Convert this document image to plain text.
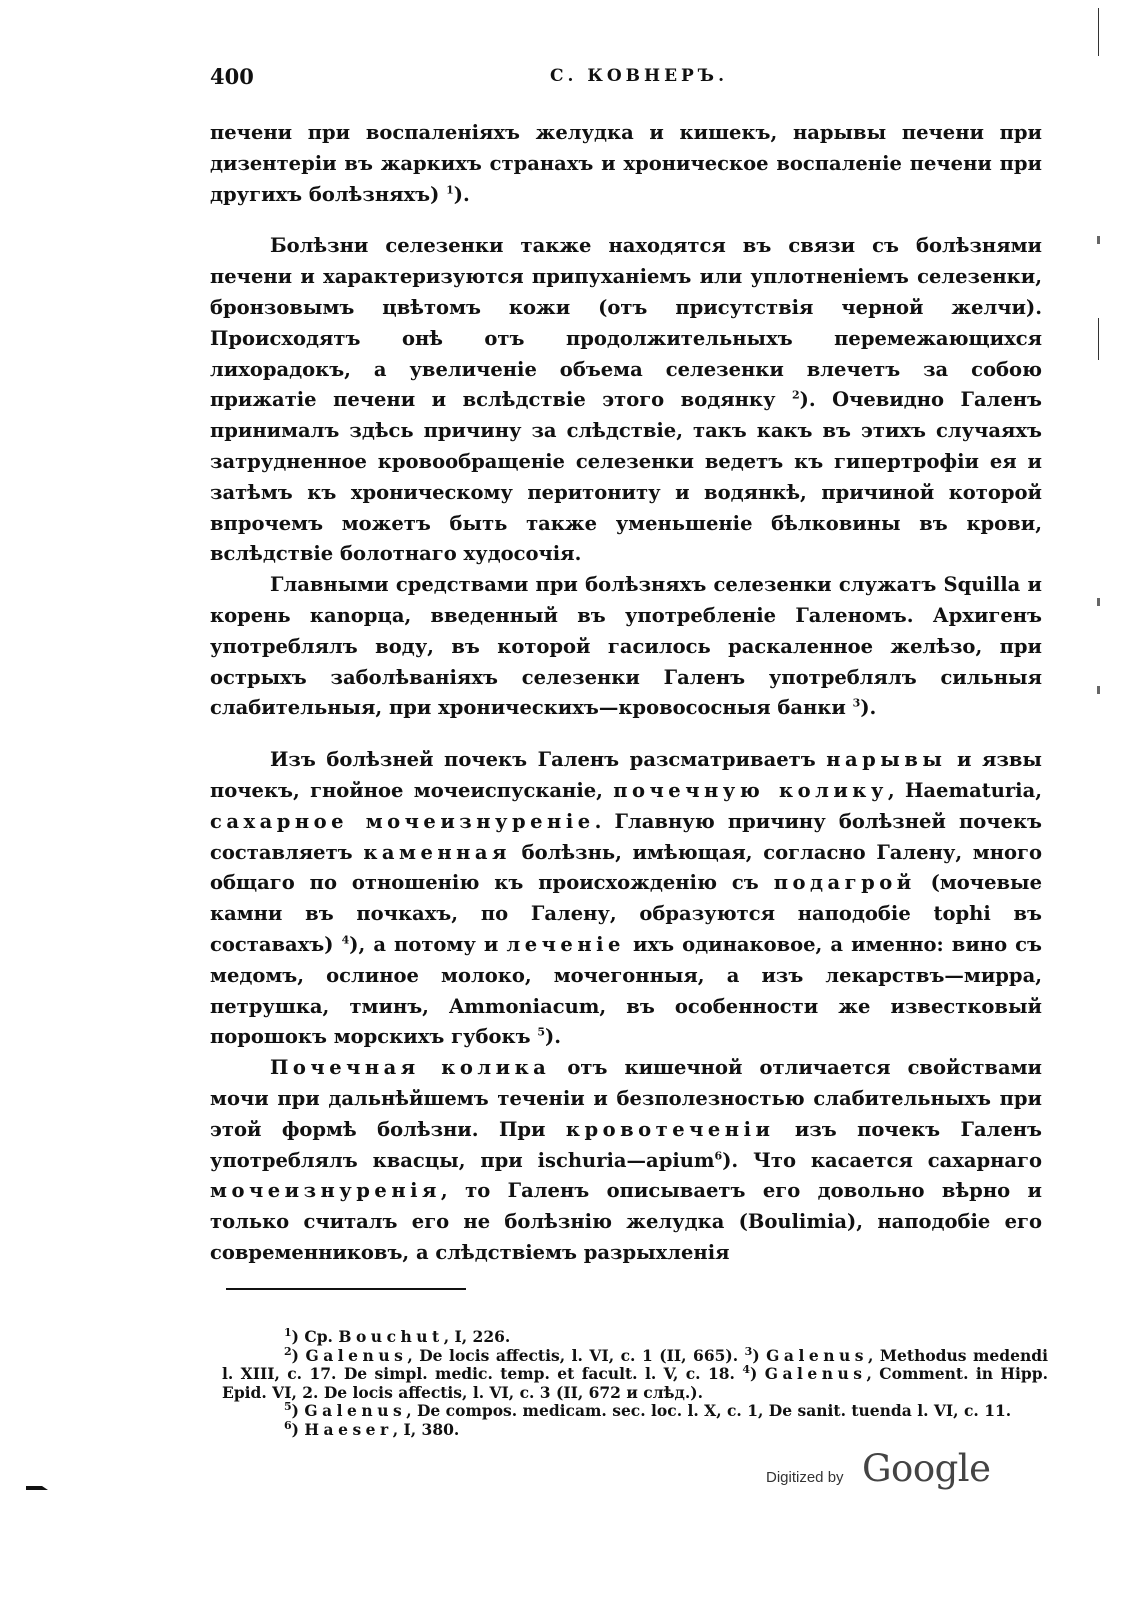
400	С. КОВНЕРЪ.

печени при воспаленіяхъ желудка и кишекъ, нарывы печени при дизентеріи въ жаркихъ странахъ и хроническое воспаленіе печени при другихъ болѣзняхъ) $^1$).

Болѣзни селезенки также находятся въ связи съ болѣзнями печени и характеризуются припуханіемъ или уплотненіемъ селезенки, бронзовымъ цвѣтомъ кожи (отъ присутствія черной желчи). Происходятъ онѣ отъ продолжительныхъ перемежающихся лихорадокъ, а увеличеніе объема селезенки влечетъ за собою прижатіе печени и вслѣдствіе этого водянку $^2$). Очевидно Галенъ принималъ здѣсь причину за слѣдствіе, такъ какъ въ этихъ случаяхъ затрудненное кровообращеніе селезенки ведетъ къ гипертрофіи ея и затѣмъ къ хроническому перитониту и водянкѣ, причиной которой впрочемъ можетъ быть также уменьшеніе бѣлковины въ крови, вслѣдствіе болотнаго худосочія.

Главными средствами при болѣзняхъ селезенки служатъ Squilla и корень каnорца, введенный въ употребленіе Галеномъ. Архигенъ употреблялъ воду, въ которой гасилось раскаленное желѣзо, при острыхъ заболѣваніяхъ селезенки Галенъ употреблялъ сильныя слабительныя, при хроническихъ—кровососныя банки $^3$).

Изъ болѣзней почекъ Галенъ разсматриваетъ нарывы и язвы почекъ, гнойное мочеиспусканіе, почечную колику, Haematuria, сахарное мочеизнуреніе. Главную причину болѣзней почекъ составляетъ каменная болѣзнь, имѣющая, согласно Галену, много общаго по отношенію къ происхожденію съ подагрой (мочевые камни въ почкахъ, по Галену, образуются наподобіе tophi въ составахъ) $^4$), а потому и леченіе ихъ одинаковое, а именно: вино съ медомъ, ослиное молоко, мочегонныя, а изъ лекарствъ—мирра, петрушка, тминъ, Ammoniacum, въ особенности же известковый порошокъ морскихъ губокъ $^5$).

Почечная колика отъ кишечной отличается свойствами мочи при дальнѣйшемъ теченіи и безполезностью слабительныхъ при этой формѣ болѣзни. При кровотеченіи изъ почекъ Галенъ употреблялъ квасцы, при ischuria—apium$^6$). Что касается сахарнаго мочеизнуренія, то Галенъ описываетъ его довольно вѣрно и только считалъ его не болѣзнію желудка (Boulimia), наподобіе его современниковъ, а слѣдствіемъ разрыхленія

$^1$) Ср. Bouchut, I, 226.

$^2$) Galenus, De locis affectis, l. VI, c. 1 (II, 665). $^3$) Galenus, Methodus medendi l. XIII, c. 17. De simpl. medic. temp. et facult. l. V, c. 18. $^4$) Galenus, Comment. in Hipp. Epid. VI, 2. De locis affectis, l. VI, c. 3 (II, 672 и слѣд.).

$^5$) Galenus, De compos. medicam. sec. loc. l. X, c. 1, De sanit. tuenda l. VI, c. 11.

$^6$) Haeser, I, 380.

Digitized by Google
